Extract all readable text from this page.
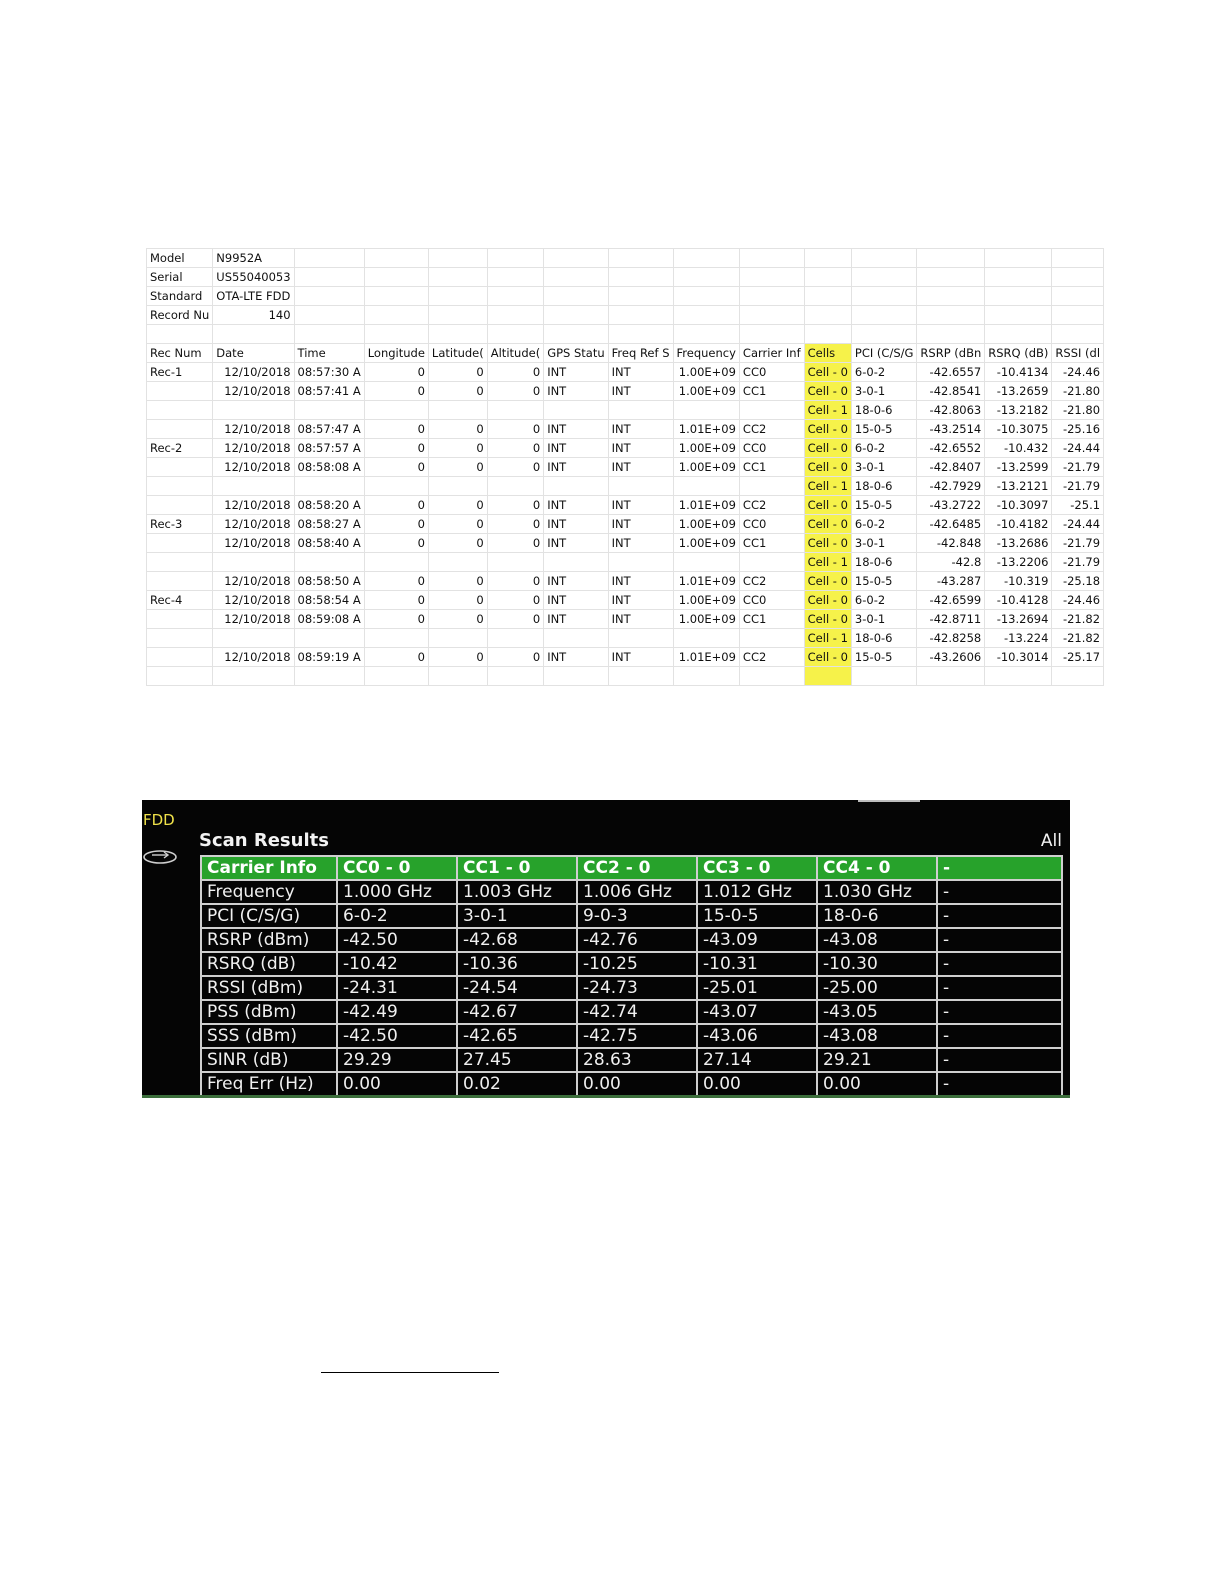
Model	N9952A													
Serial	US55040053													
Standard	OTA-LTE FDD													
Record Nu	140													

Rec Num	Date	Time	Longitude	Latitude(	Altitude(	GPS Statu	Freq Ref S	Frequency	Carrier Inf	Cells	PCI (C/S/G	RSRP (dBn	RSRQ (dB)	RSSI (dl
Rec-1	12/10/2018	08:57:30 A	0	0	0	INT	INT	1.00E+09	CC0	Cell - 0	6-0-2	-42.6557	-10.4134	-24.46
	12/10/2018	08:57:41 A	0	0	0	INT	INT	1.00E+09	CC1	Cell - 0	3-0-1	-42.8541	-13.2659	-21.80
										Cell - 1	18-0-6	-42.8063	-13.2182	-21.80
	12/10/2018	08:57:47 A	0	0	0	INT	INT	1.01E+09	CC2	Cell - 0	15-0-5	-43.2514	-10.3075	-25.16
Rec-2	12/10/2018	08:57:57 A	0	0	0	INT	INT	1.00E+09	CC0	Cell - 0	6-0-2	-42.6552	-10.432	-24.44
	12/10/2018	08:58:08 A	0	0	0	INT	INT	1.00E+09	CC1	Cell - 0	3-0-1	-42.8407	-13.2599	-21.79
										Cell - 1	18-0-6	-42.7929	-13.2121	-21.79
	12/10/2018	08:58:20 A	0	0	0	INT	INT	1.01E+09	CC2	Cell - 0	15-0-5	-43.2722	-10.3097	-25.1
Rec-3	12/10/2018	08:58:27 A	0	0	0	INT	INT	1.00E+09	CC0	Cell - 0	6-0-2	-42.6485	-10.4182	-24.44
	12/10/2018	08:58:40 A	0	0	0	INT	INT	1.00E+09	CC1	Cell - 0	3-0-1	-42.848	-13.2686	-21.79
										Cell - 1	18-0-6	-42.8	-13.2206	-21.79
	12/10/2018	08:58:50 A	0	0	0	INT	INT	1.01E+09	CC2	Cell - 0	15-0-5	-43.287	-10.319	-25.18
Rec-4	12/10/2018	08:58:54 A	0	0	0	INT	INT	1.00E+09	CC0	Cell - 0	6-0-2	-42.6599	-10.4128	-24.46
	12/10/2018	08:59:08 A	0	0	0	INT	INT	1.00E+09	CC1	Cell - 0	3-0-1	-42.8711	-13.2694	-21.82
										Cell - 1	18-0-6	-42.8258	-13.224	-21.82
	12/10/2018	08:59:19 A	0	0	0	INT	INT	1.01E+09	CC2	Cell - 0	15-0-5	-43.2606	-10.3014	-25.17

FDD
Scan Results	All
Carrier Info	CC0 - 0	CC1 - 0	CC2 - 0	CC3 - 0	CC4 - 0	-
Frequency	1.000 GHz	1.003 GHz	1.006 GHz	1.012 GHz	1.030 GHz	-
PCI (C/S/G)	6-0-2	3-0-1	9-0-3	15-0-5	18-0-6	-
RSRP (dBm)	-42.50	-42.68	-42.76	-43.09	-43.08	-
RSRQ (dB)	-10.42	-10.36	-10.25	-10.31	-10.30	-
RSSI (dBm)	-24.31	-24.54	-24.73	-25.01	-25.00	-
PSS (dBm)	-42.49	-42.67	-42.74	-43.07	-43.05	-
SSS (dBm)	-42.50	-42.65	-42.75	-43.06	-43.08	-
SINR (dB)	29.29	27.45	28.63	27.14	29.21	-
Freq Err (Hz)	0.00	0.02	0.00	0.00	0.00	-
